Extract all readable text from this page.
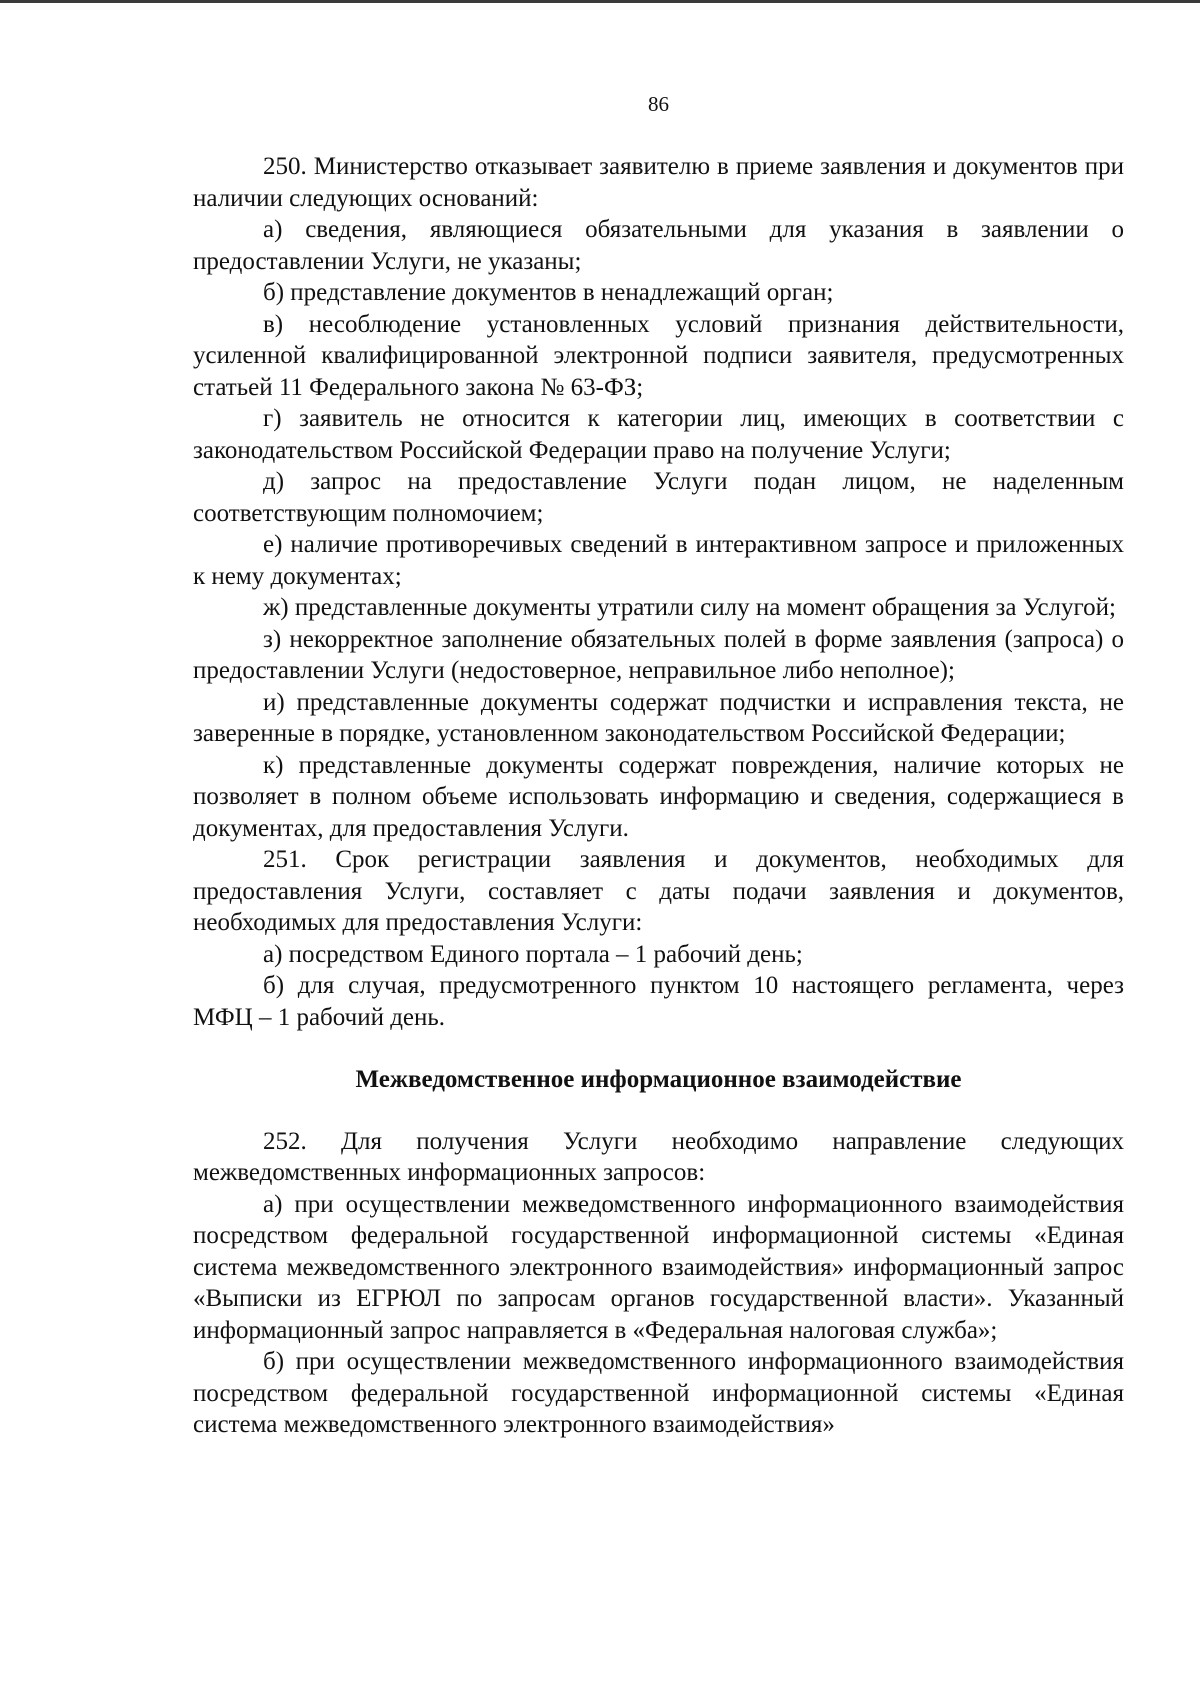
86

250. Министерство отказывает заявителю в приеме заявления и документов при наличии следующих оснований:

а) сведения, являющиеся обязательными для указания в заявлении о предоставлении Услуги, не указаны;

б) представление документов в ненадлежащий орган;

в) несоблюдение установленных условий признания действительности, усиленной квалифицированной электронной подписи заявителя, предусмотренных статьей 11 Федерального закона № 63-ФЗ;

г) заявитель не относится к категории лиц, имеющих в соответствии с законодательством Российской Федерации право на получение Услуги;

д) запрос на предоставление Услуги подан лицом, не наделенным соответствующим полномочием;

е) наличие противоречивых сведений в интерактивном запросе и приложенных к нему документах;

ж) представленные документы утратили силу на момент обращения за Услугой;

з) некорректное заполнение обязательных полей в форме заявления (запроса) о предоставлении Услуги (недостоверное, неправильное либо неполное);

и) представленные документы содержат подчистки и исправления текста, не заверенные в порядке, установленном законодательством Российской Федерации;

к) представленные документы содержат повреждения, наличие которых не позволяет в полном объеме использовать информацию и сведения, содержащиеся в документах, для предоставления Услуги.

251. Срок регистрации заявления и документов, необходимых для предоставления Услуги, составляет с даты подачи заявления и документов, необходимых для предоставления Услуги:

а) посредством Единого портала – 1 рабочий день;

б) для случая, предусмотренного пунктом 10 настоящего регламента, через МФЦ – 1 рабочий день.

Межведомственное информационное взаимодействие

252. Для получения Услуги необходимо направление следующих межведомственных информационных запросов:

а) при осуществлении межведомственного информационного взаимодействия посредством федеральной государственной информационной системы «Единая система межведомственного электронного взаимодействия» информационный запрос «Выписки из ЕГРЮЛ по запросам органов государственной власти». Указанный информационный запрос направляется в «Федеральная налоговая служба»;

б) при осуществлении межведомственного информационного взаимодействия посредством федеральной государственной информационной системы «Единая система межведомственного электронного взаимодействия»
